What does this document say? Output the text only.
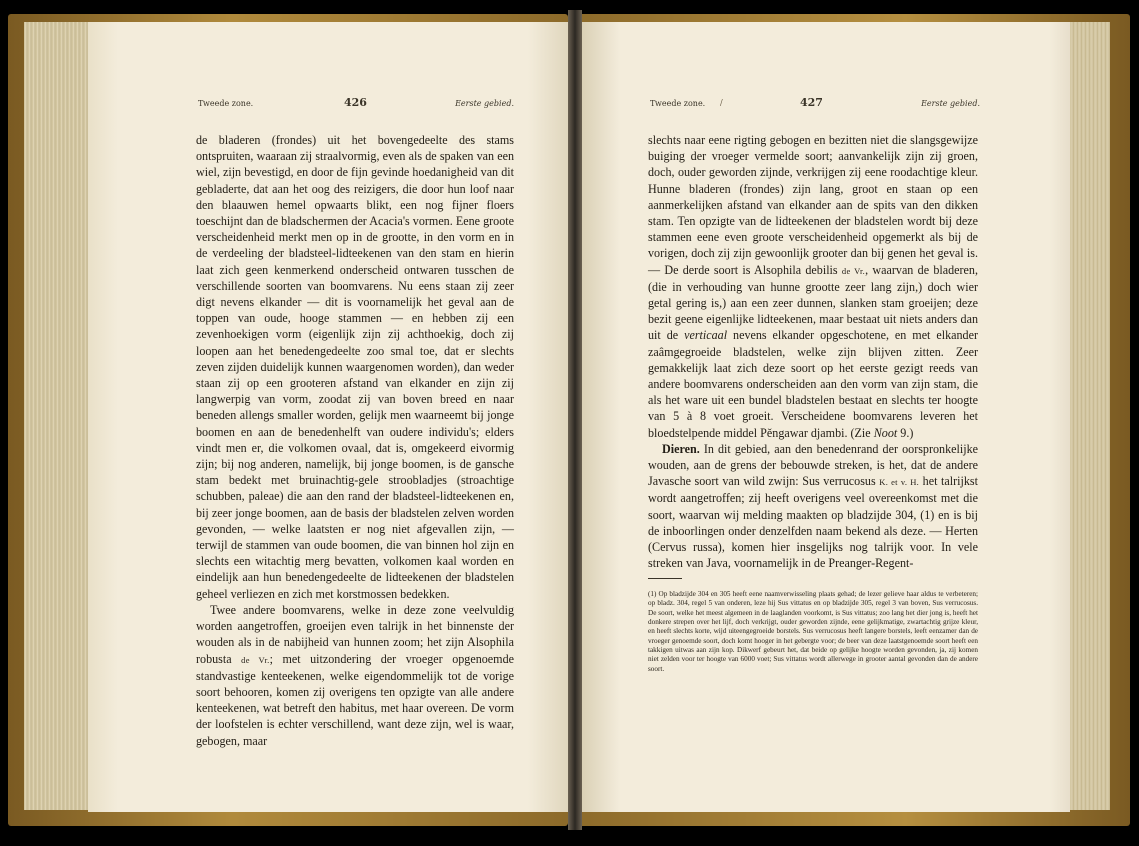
Tweede zone.	426	Eerste gebied.

de bladeren (frondes) uit het bovengedeelte des stams ontspruiten, waaraan zij straalvormig, even als de spaken van een wiel, zijn bevestigd, en door de fijn gevinde hoedanigheid van dit gebladerte, dat aan het oog des reizigers, die door hun loof naar den blaauwen hemel opwaarts blikt, een nog fijner floers toeschijnt dan de bladschermen der Acacia's vormen. Eene groote verscheidenheid merkt men op in de grootte, in den vorm en in de verdeeling der bladsteel-lidteekenen van den stam en hierin laat zich geen kenmerkend onderscheid ontwaren tusschen de verschillende soorten van boomvarens. Nu eens staan zij zeer digt nevens elkander — dit is voornamelijk het geval aan de toppen van oude, hooge stammen — en hebben zij een zevenhoekigen vorm (eigenlijk zijn zij achthoekig, doch zij loopen aan het benedengedeelte zoo smal toe, dat er slechts zeven zijden duidelijk kunnen waargenomen worden), dan weder staan zij op een grooteren afstand van elkander en zijn zij langwerpig van vorm, zoodat zij van boven breed en naar beneden allengs smaller worden, gelijk men waarneemt bij jonge boomen en aan de benedenhelft van oudere individu's; elders vindt men er, die volkomen ovaal, dat is, omgekeerd eivormig zijn; bij nog anderen, namelijk, bij jonge boomen, is de gansche stam bedekt met bruinachtig-gele stroobladjes (stroachtige schubben, paleae) die aan den rand der bladsteel-lidteekenen en, bij zeer jonge boomen, aan de basis der bladstelen zelven worden gevonden, — welke laatsten er nog niet afgevallen zijn, — terwijl de stammen van oude boomen, die van binnen hol zijn en slechts een witachtig merg bevatten, volkomen kaal worden en eindelijk aan hun benedengedeelte de lidteekenen der bladstelen geheel verliezen en zich met korstmossen bedekken.

Twee andere boomvarens, welke in deze zone veelvuldig worden aangetroffen, groeijen even talrijk in het binnenste der wouden als in de nabijheid van hunnen zoom; het zijn Alsophila robusta de Vr.; met uitzondering der vroeger opgenoemde standvastige kenteekenen, welke eigendommelijk tot de vorige soort behooren, komen zij overigens ten opzigte van alle andere kenteekenen, wat betreft den habitus, met haar overeen. De vorm der loofstelen is echter verschillend, want deze zijn, wel is waar, gebogen, maar

Tweede zone. /	427	Eerste gebied.

slechts naar eene rigting gebogen en bezitten niet die slangsgewijze buiging der vroeger vermelde soort; aanvankelijk zijn zij groen, doch, ouder geworden zijnde, verkrijgen zij eene roodachtige kleur. Hunne bladeren (frondes) zijn lang, groot en staan op een aanmerkelijken afstand van elkander aan de spits van den dikken stam. Ten opzigte van de lidteekenen der bladstelen wordt bij deze stammen eene even groote verscheidenheid opgemerkt als bij de vorigen, doch zij zijn gewoonlijk grooter dan bij genen het geval is. — De derde soort is Alsophila debilis de Vr., waarvan de bladeren, (die in verhouding van hunne grootte zeer lang zijn,) doch wier getal gering is,) aan een zeer dunnen, slanken stam groeijen; deze bezit geene eigenlijke lidteekenen, maar bestaat uit niets anders dan uit de verticaal nevens elkander opgeschotene, en met elkander zaâmgegroeide bladstelen, welke zijn blijven zitten. Zeer gemakkelijk laat zich deze soort op het eerste gezigt reeds van andere boomvarens onderscheiden aan den vorm van zijn stam, die als het ware uit een bundel bladstelen bestaat en slechts ter hoogte van 5 à 8 voet groeit. Verscheidene boomvarens leveren het bloedstelpende middel Pěngawar djambi. (Zie Noot 9.)

Dieren. In dit gebied, aan den benedenrand der oorspronkelijke wouden, aan de grens der bebouwde streken, is het, dat de andere Javasche soort van wild zwijn: Sus verrucosus K. et v. H. het talrijkst wordt aangetroffen; zij heeft overigens veel overeenkomst met die soort, waarvan wij melding maakten op bladzijde 304, (1) en is bij de inboorlingen onder denzelfden naam bekend als deze. — Herten (Cervus russa), komen hier insgelijks nog talrijk voor. In vele streken van Java, voornamelijk in de Preanger-Regent-

(1) Op bladzijde 304 en 305 heeft eene naamverwisseling plaats gehad; de lezer gelieve haar aldus te verbeteren; op bladz. 304, regel 5 van onderen, leze hij Sus vittatus en op bladzijde 305, regel 3 van boven, Sus verrucosus. De soort, welke het meest algemeen in de laaglanden voorkomt, is Sus vittatus; zoo lang het dier jong is, heeft het donkere strepen over het lijf, doch verkrijgt, ouder geworden zijnde, eene gelijkmatige, zwartachtig grijze kleur, en heeft slechts korte, wijd uiteengegroeide borstels. Sus verrucosus heeft langere borstels, leeft eenzamer dan de vroeger genoemde soort, doch komt hooger in het gebergte voor; de beer van deze laatstgenoemde soort heeft een takkigen uitwas aan zijn kop. Dikwerf gebeurt het, dat beide op gelijke hoogte worden gevonden, ja, zij komen niet zelden voor ter hoogte van 6000 voet; Sus vittatus wordt allerwege in grooter aantal gevonden dan de andere soort.
